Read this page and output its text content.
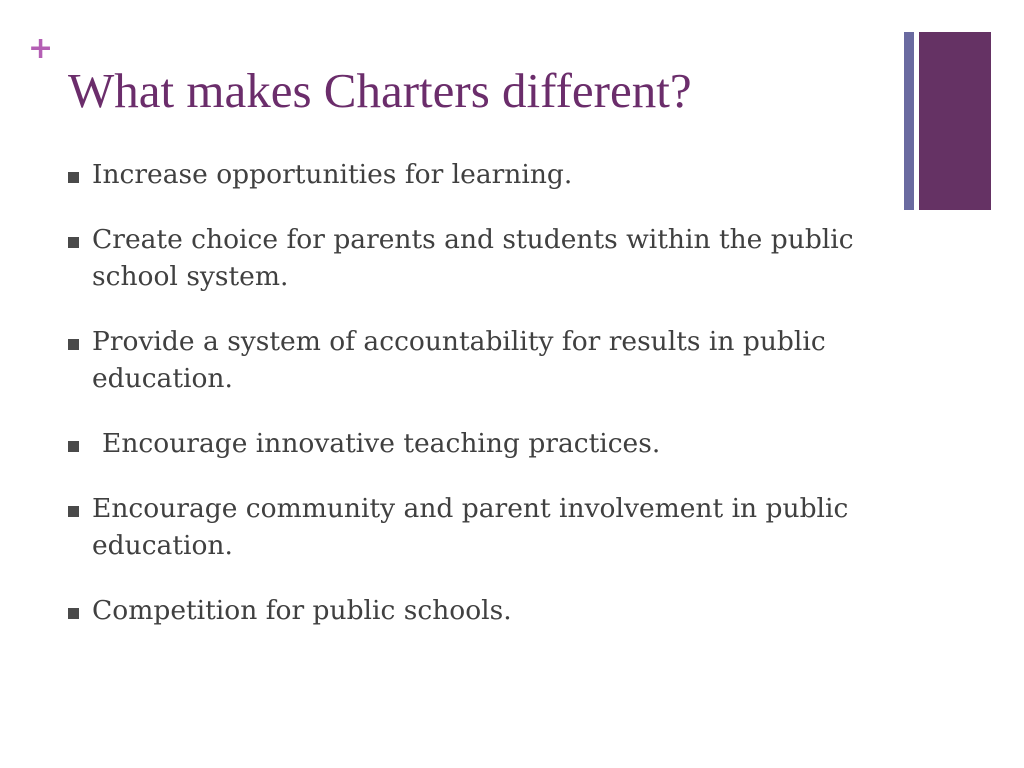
+
What makes Charters different?
Increase opportunities for learning.
Create choice for parents and students within the public school system.
Provide a system of accountability for results in public education.
Encourage innovative teaching practices.
Encourage community and parent involvement in public education.
Competition for public schools.
